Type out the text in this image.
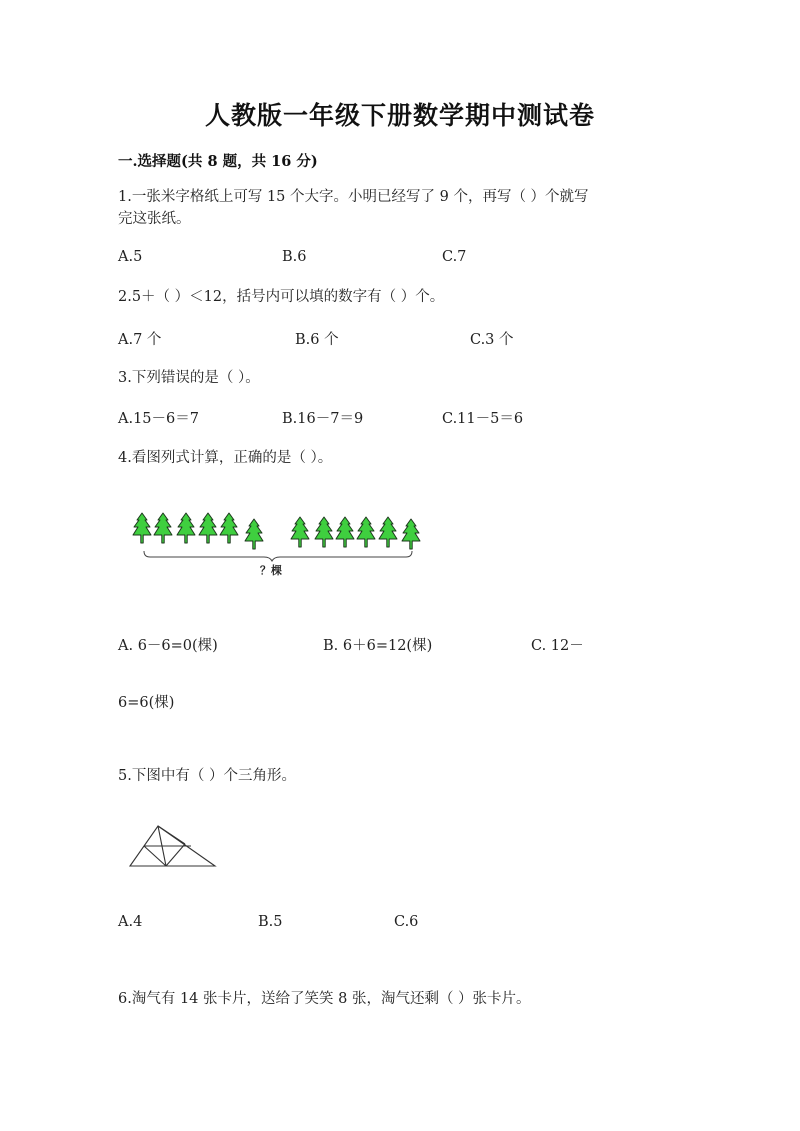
人教版一年级下册数学期中测试卷
一.选择题(共 8 题，共 16 分)
1.一张米字格纸上可写 15 个大字。小明已经写了 9 个，再写（ ）个就写
完这张纸。
A.5	B.6	C.7
2.5＋（ ）＜12，括号内可以填的数字有（ ）个。
A.7 个	B.6 个	C.3 个
3.下列错误的是（ ）。
A.15－6＝7	B.16－7＝9	C.11－5＝6
4.看图列式计算，正确的是（ ）。
？棵
A. 6－6=0(棵)	B. 6＋6=12(棵)	C. 12－
6=6(棵)
5.下图中有（ ）个三角形。
A.4	B.5	C.6
6.淘气有 14 张卡片，送给了笑笑 8 张，淘气还剩（ ）张卡片。
